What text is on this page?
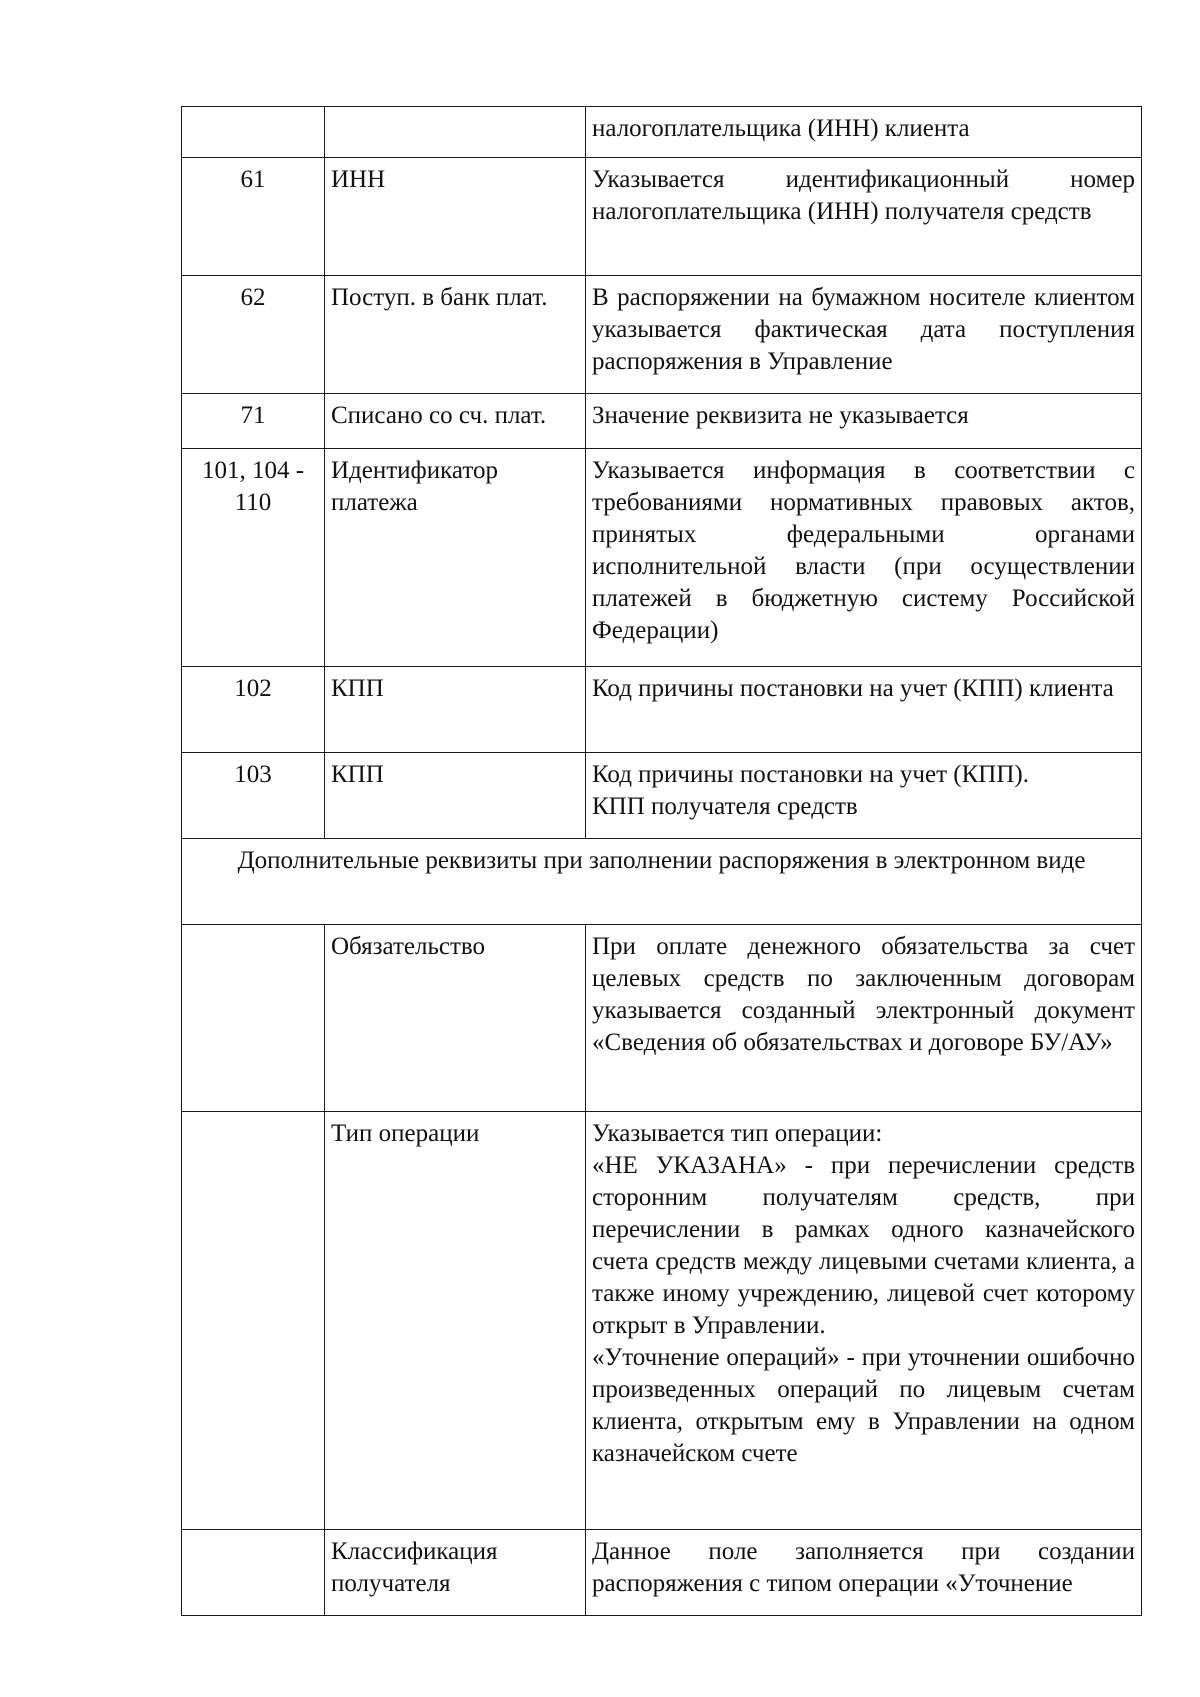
		налогоплательщика (ИНН) клиента

61	ИНН	Указывается идентификационный номер налогоплательщика (ИНН) получателя средств

62	Поступ. в банк плат.	В распоряжении на бумажном носителе клиентом указывается фактическая дата поступления распоряжения в Управление

71	Списано со сч. плат.	Значение реквизита не указывается

101, 104 - 110	Идентификатор платежа	Указывается информация в соответствии с требованиями нормативных правовых актов, принятых федеральными органами исполнительной власти (при осуществлении платежей в бюджетную систему Российской Федерации)

102	КПП	Код причины постановки на учет (КПП) клиента

103	КПП	Код причины постановки на учет (КПП).
КПП получателя средств

Дополнительные реквизиты при заполнении распоряжения в электронном виде		
	Обязательство	При оплате денежного обязательства за счет целевых средств по заключенным договорам указывается созданный электронный документ «Сведения об обязательствах и договоре БУ/АУ»

	Тип операции	Указывается тип операции:
«НЕ УКАЗАНА» - при перечислении средств сторонним получателям средств, при перечислении в рамках одного казначейского счета средств между лицевыми счетами клиента, а также иному учреждению, лицевой счет которому открыт в Управлении.
«Уточнение операций» - при уточнении ошибочно произведенных операций по лицевым счетам клиента, открытым ему в Управлении на одном казначейском счете

	Классификация получателя	Данное поле заполняется при создании распоряжения с типом операции «Уточнение
